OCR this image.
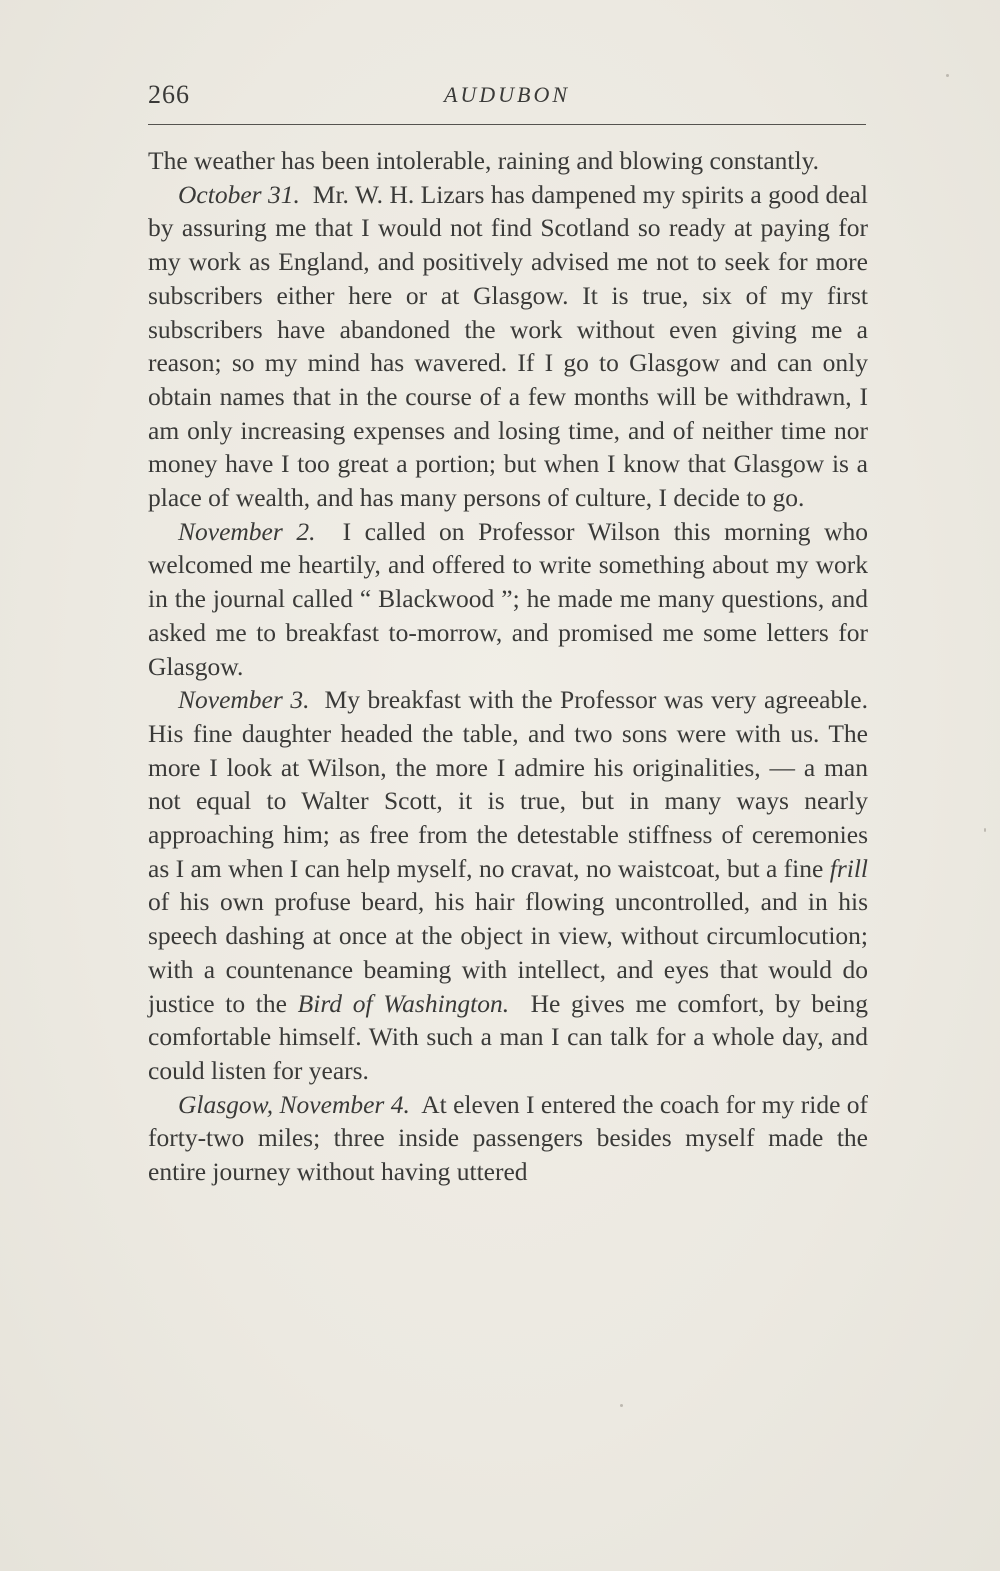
266	AUDUBON

The weather has been intolerable, raining and blowing constantly.

October 31. Mr. W. H. Lizars has dampened my spirits a good deal by assuring me that I would not find Scotland so ready at paying for my work as England, and positively advised me not to seek for more subscribers either here or at Glasgow. It is true, six of my first subscribers have abandoned the work without even giving me a reason; so my mind has wavered. If I go to Glasgow and can only obtain names that in the course of a few months will be withdrawn, I am only increasing expenses and losing time, and of neither time nor money have I too great a portion; but when I know that Glasgow is a place of wealth, and has many persons of culture, I decide to go.

November 2. I called on Professor Wilson this morning who welcomed me heartily, and offered to write something about my work in the journal called “ Blackwood ”; he made me many questions, and asked me to breakfast to-morrow, and promised me some letters for Glasgow.

November 3. My breakfast with the Professor was very agreeable. His fine daughter headed the table, and two sons were with us. The more I look at Wilson, the more I admire his originalities, — a man not equal to Walter Scott, it is true, but in many ways nearly approaching him; as free from the detestable stiffness of ceremonies as I am when I can help myself, no cravat, no waistcoat, but a fine frill of his own profuse beard, his hair flowing uncontrolled, and in his speech dashing at once at the object in view, without circumlocution; with a countenance beaming with intellect, and eyes that would do justice to the Bird of Washington. He gives me comfort, by being comfortable himself. With such a man I can talk for a whole day, and could listen for years.

Glasgow, November 4. At eleven I entered the coach for my ride of forty-two miles; three inside passengers besides myself made the entire journey without having uttered
